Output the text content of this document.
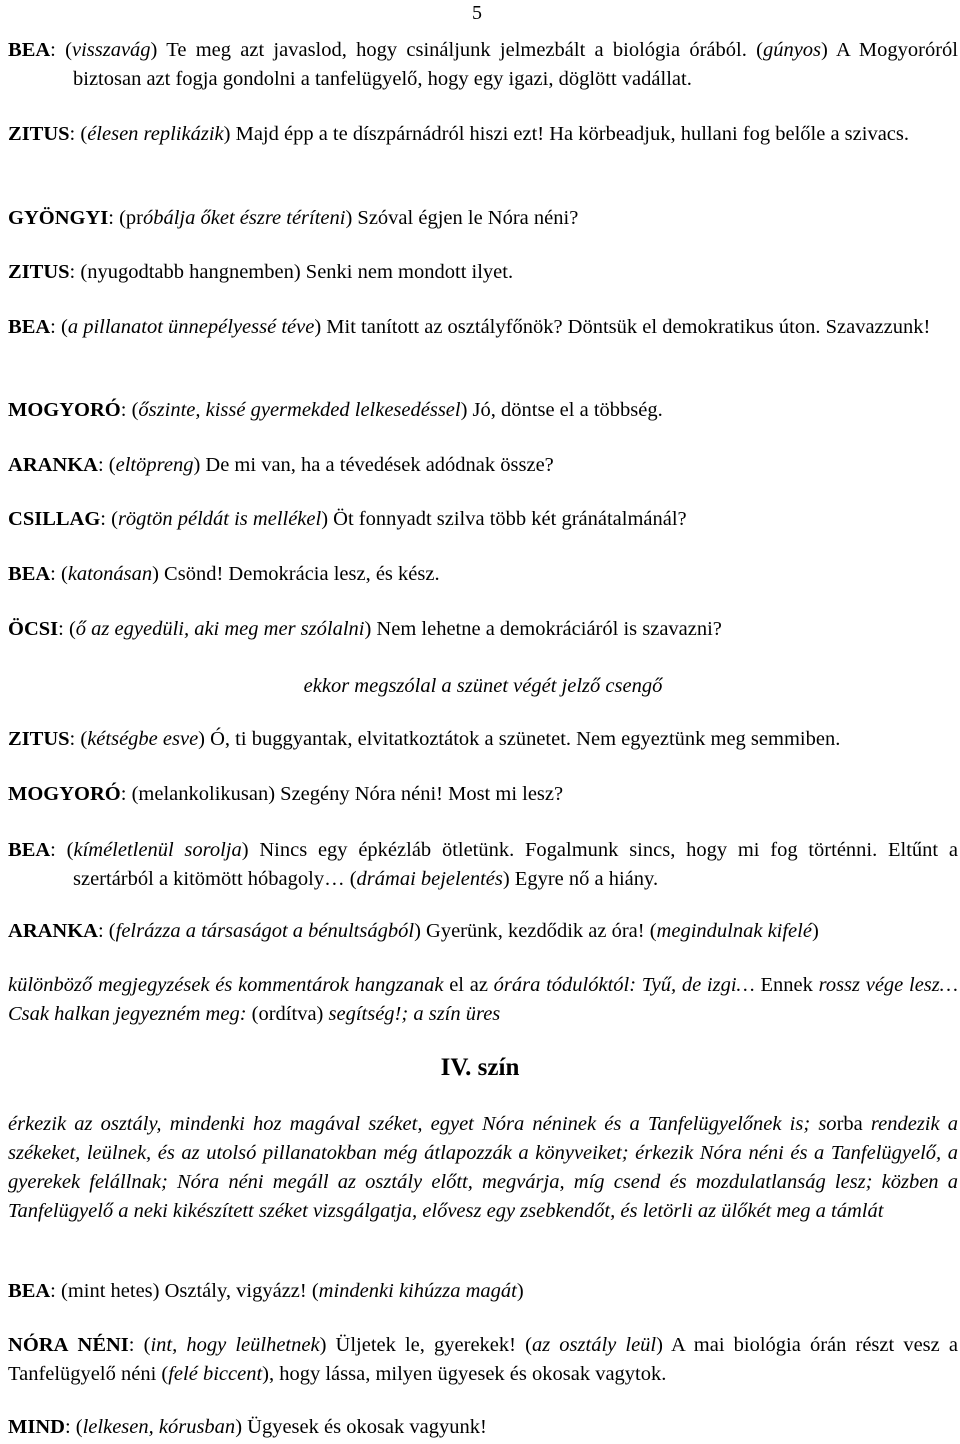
5
BEA: (visszavág) Te meg azt javaslod, hogy csináljunk jelmezbált a biológia órából. (gúnyos) A Mogyoróról biztosan azt fogja gondolni a tanfelügyelő, hogy egy igazi, döglött vadállat.
ZITUS: (élesen replikázik) Majd épp a te díszpárnádról hiszi ezt! Ha körbeadjuk, hullani fog belőle a szivacs.
GYÖNGYI: (próbálja őket észre téríteni) Szóval égjen le Nóra néni?
ZITUS: (nyugodtabb hangnemben) Senki nem mondott ilyet.
BEA: (a pillanatot ünnepélyessé téve) Mit tanított az osztályfőnök? Döntsük el demokratikus úton. Szavazzunk!
MOGYORÓ: (őszinte, kissé gyermekded lelkesedéssel) Jó, döntse el a többség.
ARANKA: (eltöpreng) De mi van, ha a tévedések adódnak össze?
CSILLAG: (rögtön példát is mellékel) Öt fonnyadt szilva több két gránátalmánál?
BEA: (katonásan) Csönd! Demokrácia lesz, és kész.
ÖCSI: (ő az egyedüli, aki meg mer szólalni) Nem lehetne a demokráciáról is szavazni?
ekkor megszólal a szünet végét jelző csengő
ZITUS: (kétségbe esve) Ó, ti buggyantak, elvitatkoztátok a szünetet. Nem egyeztünk meg semmiben.
MOGYORÓ: (melankolikusan) Szegény Nóra néni! Most mi lesz?
BEA: (kíméletlenül sorolja) Nincs egy épkézláb ötletünk. Fogalmunk sincs, hogy mi fog történni. Eltűnt a szertárból a kitömött hóbagoly… (drámai bejelentés) Egyre nő a hiány.
ARANKA: (felrázza a társaságot a bénultságból) Gyerünk, kezdődik az óra! (megindulnak kifelé)
különböző megjegyzések és kommentárok hangzanak el az órára tódulóktól: Tyű, de izgi… Ennek rossz vége lesz… Csak halkan jegyezném meg: (ordítva) segítség!; a szín üres
IV. szín
érkezik az osztály, mindenki hoz magával széket, egyet Nóra néninek és a Tanfelügyelőnek is; sorba rendezik a székeket, leülnek, és az utolsó pillanatokban még átlapozzák a könyveiket; érkezik Nóra néni és a Tanfelügyelő, a gyerekek felállnak; Nóra néni megáll az osztály előtt, megvárja, míg csend és mozdulatlanság lesz; közben a Tanfelügyelő a neki kikészített széket vizsgálgatja, elővesz egy zsebkendőt, és letörli az ülőkét meg a támlát
BEA: (mint hetes) Osztály, vigyázz! (mindenki kihúzza magát)
NÓRA NÉNI: (int, hogy leülhetnek) Üljetek le, gyerekek! (az osztály leül) A mai biológia órán részt vesz a Tanfelügyelő néni (felé biccent), hogy lássa, milyen ügyesek és okosak vagytok.
MIND: (lelkesen, kórusban) Ügyesek és okosak vagyunk!
